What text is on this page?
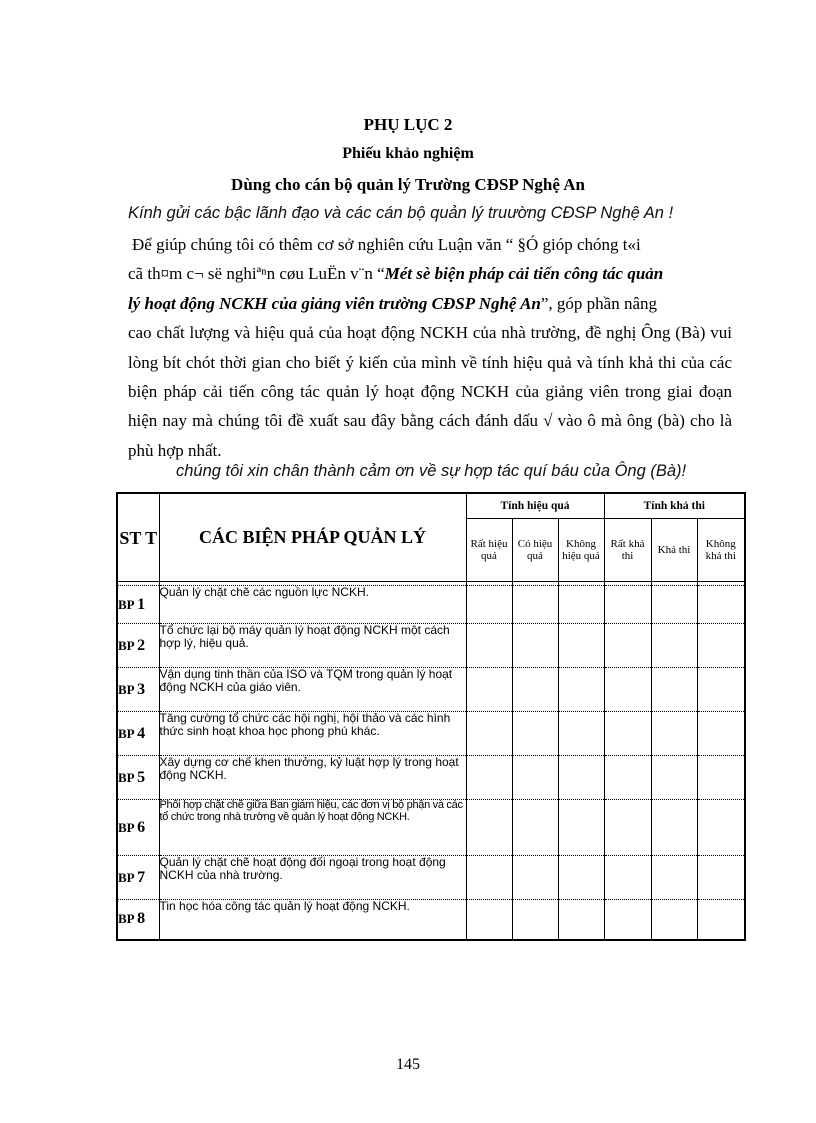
PHỤ LỤC 2
Phiếu khảo nghiệm
Dùng cho cán bộ quản lý Trường CĐSP Nghệ An
Kính gửi các bậc lãnh đạo và các cán bộ quản lý truường CĐSP Nghệ An !

Để giúp chúng tôi có thêm cơ sở nghiên cứu Luận văn “ §Ó gióp chóng t«i

cã th¤m c¬ së nghiªⁿn cøu LuËn v¨n “Mét sè biện pháp cải tiến công tác quản

lý hoạt động NCKH của giảng viên trường CĐSP Nghệ An”, góp phần nâng

cao chất lượng và hiệu quả của hoạt động NCKH của nhà trường, đề nghị Ông (Bà) vui lòng bít chót thời gian cho biết ý kiến của mình về tính hiệu quả và tính khả thi của các biện pháp cải tiến công tác quản lý hoạt động NCKH của giảng viên trong giai đoạn hiện nay mà chúng tôi đề xuất sau đây bằng cách đánh dấu √ vào ô mà ông (bà) cho là phù hợp nhất.

chúng tôi xin chân thành cảm ơn về sự hợp tác quí báu của Ông (Bà)!
ST T	CÁC BIỆN PHÁP QUẢN LÝ	Tính hiệu quả			Tính khả thi		
		Rất hiệu quả	Có hiệu quả	Không hiệu quả	Rất khả thi	Khả thi	Không khả thi

BP 1	Quản lý chặt chẽ các nguồn lực NCKH.						
BP 2	Tổ chức lại bộ máy quản lý hoạt động NCKH một cách hợp lý, hiệu quả.						
BP 3	Vận dụng tinh thần của ISO và TQM trong quản lý hoạt động NCKH của giáo viên.						
BP 4	Tăng cường tổ chức các hội nghị, hội thảo và các hình thức sinh hoạt khoa học phong phú khác.						
BP 5	Xây dựng cơ chế khen thưởng, kỷ luật hợp lý trong hoạt động NCKH.						
BP 6	Phối hợp chặt chẽ giữa Ban giám hiệu, các đơn vị bộ phận và các tổ chức trong nhà trường về quản lý hoạt động NCKH.						
BP 7	Quản lý chặt chẽ hoạt động đối ngoại trong hoạt động NCKH của nhà trường.						
BP 8	Tin học hóa công tác quản lý hoạt động NCKH.						
145
